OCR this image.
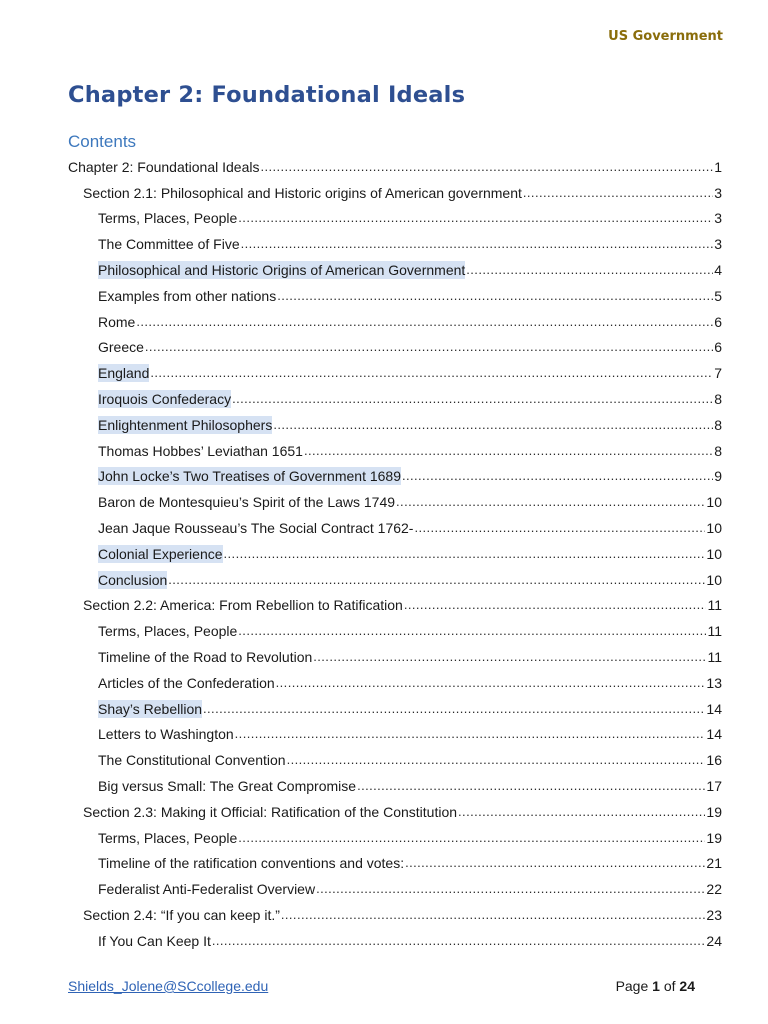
US Government
Chapter 2: Foundational Ideals
Contents
Chapter 2: Foundational Ideals .....	1
Section 2.1: Philosophical and Historic origins of American government .....	3
Terms, Places, People .....	3
The Committee of Five .....	3
Philosophical and Historic Origins of American Government .....	4
Examples from other nations .....	5
Rome .....	6
Greece .....	6
England .....	7
Iroquois Confederacy .....	8
Enlightenment Philosophers .....	8
Thomas Hobbes’ Leviathan 1651 .....	8
John Locke’s Two Treatises of Government 1689 .....	9
Baron de Montesquieu’s Spirit of the Laws 1749 .....	10
Jean Jaque Rousseau’s The Social Contract 1762- .....	10
Colonial Experience .....	10
Conclusion .....	10
Section 2.2: America: From Rebellion to Ratification .....	11
Terms, Places, People .....	11
Timeline of the Road to Revolution .....	11
Articles of the Confederation .....	13
Shay’s Rebellion .....	14
Letters to Washington .....	14
The Constitutional Convention .....	16
Big versus Small: The Great Compromise .....	17
Section 2.3: Making it Official: Ratification of the Constitution .....	19
Terms, Places, People .....	19
Timeline of the ratification conventions and votes: .....	21
Federalist Anti-Federalist Overview .....	22
Section 2.4: “If you can keep it.” .....	23
If You Can Keep It .....	24
Shields_Jolene@SCcollege.edu	Page 1 of 24
